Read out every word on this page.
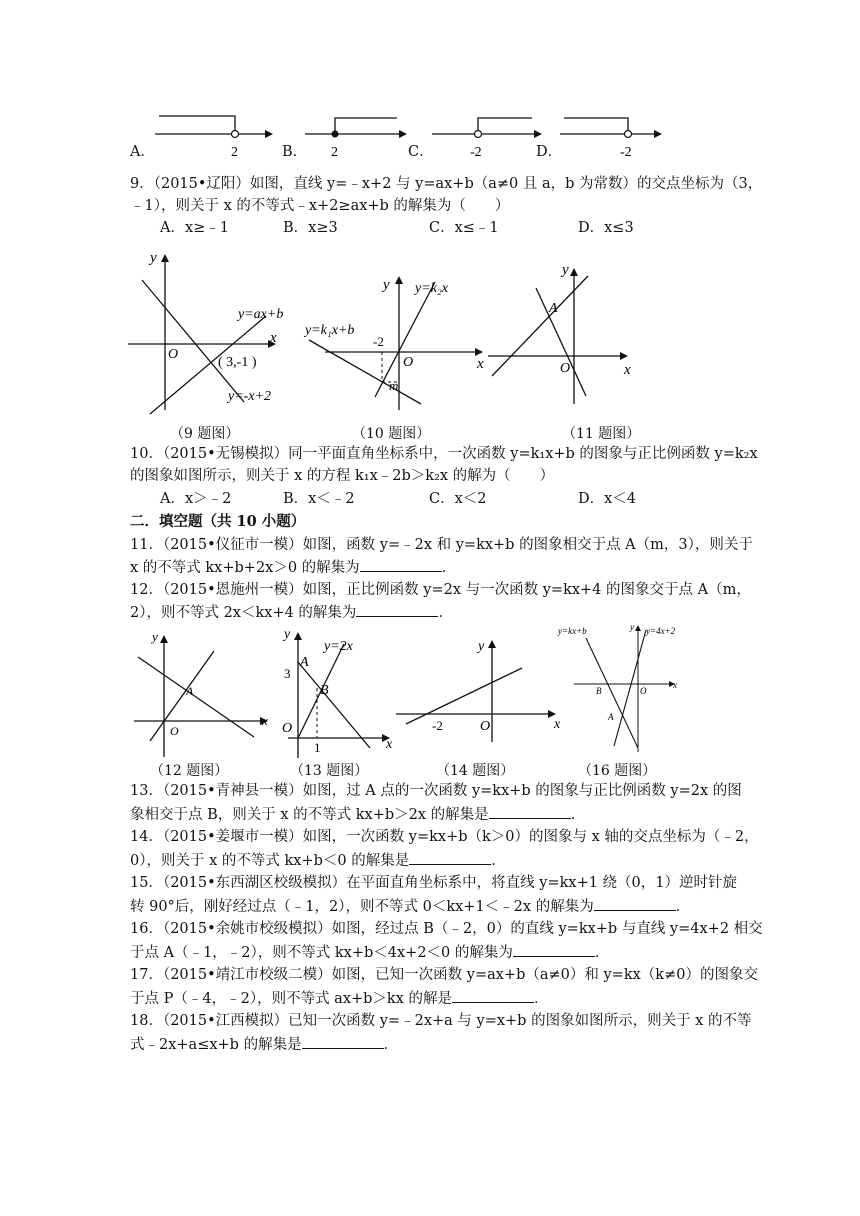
A．	B．	C．	D．
2	2	-2	-2
9．（2015•辽阳）如图，直线 y=﹣x+2 与 y=ax+b（a≠0 且 a，b 为常数）的交点坐标为（3，
﹣1），则关于 x 的不等式﹣x+2≥ax+b 的解集为（　　）
A．x≥﹣1	B．x≥3	C．x≤﹣1	D．x≤3
y
x
O
y=ax+b
y=-x+2
( 3,-1 )
（9 题图）
y
x
O
y=k₂x
y=k₁x+b
-2
m
（10 题图）
y
x
O
A
（11 题图）
10．（2015•无锡模拟）同一平面直角坐标系中，一次函数 y=k₁x+b 的图象与正比例函数 y=k₂x
的图象如图所示，则关于 x 的方程 k₁x﹣2b＞k₂x 的解为（　　）
A．x＞﹣2	B．x＜﹣2	C．x＜2	D．x＜4
二．填空题（共 10 小题）
11．（2015•仪征市一模）如图，函数 y=﹣2x 和 y=kx+b 的图象相交于点 A（m，3），则关于
x 的不等式 kx+b+2x＞0 的解集为	．
12．（2015•恩施州一模）如图，正比例函数 y=2x 与一次函数 y=kx+4 的图象交于点 A（m，
2），则不等式 2x＜kx+4 的解集为	．
y
x
O
A
（12 题图）
y
x
O
A
B
3
1
y=2x
（13 题图）
y
x
O
-2
（14 题图）
y=kx+b	y=4x+2
y
x
O
B
A
（16 题图）
13．（2015•青神县一模）如图，过 A 点的一次函数 y=kx+b 的图象与正比例函数 y=2x 的图
象相交于点 B，则关于 x 的不等式 kx+b＞2x 的解集是	．
14．（2015•姜堰市一模）如图，一次函数 y=kx+b（k＞0）的图象与 x 轴的交点坐标为（﹣2，
0），则关于 x 的不等式 kx+b＜0 的解集是	．
15．（2015•东西湖区校级模拟）在平面直角坐标系中，将直线 y=kx+1 绕（0，1）逆时针旋
转 90°后，刚好经过点（﹣1，2），则不等式 0＜kx+1＜﹣2x 的解集为	．
16．（2015•余姚市校级模拟）如图，经过点 B（﹣2，0）的直线 y=kx+b 与直线 y=4x+2 相交
于点 A（﹣1，﹣2），则不等式 kx+b＜4x+2＜0 的解集为	．
17．（2015•靖江市校级二模）如图，已知一次函数 y=ax+b（a≠0）和 y=kx（k≠0）的图象交
于点 P（﹣4，﹣2），则不等式 ax+b＞kx 的解是	．
18．（2015•江西模拟）已知一次函数 y=﹣2x+a 与 y=x+b 的图象如图所示，则关于 x 的不等
式﹣2x+a≤x+b 的解集是	．
